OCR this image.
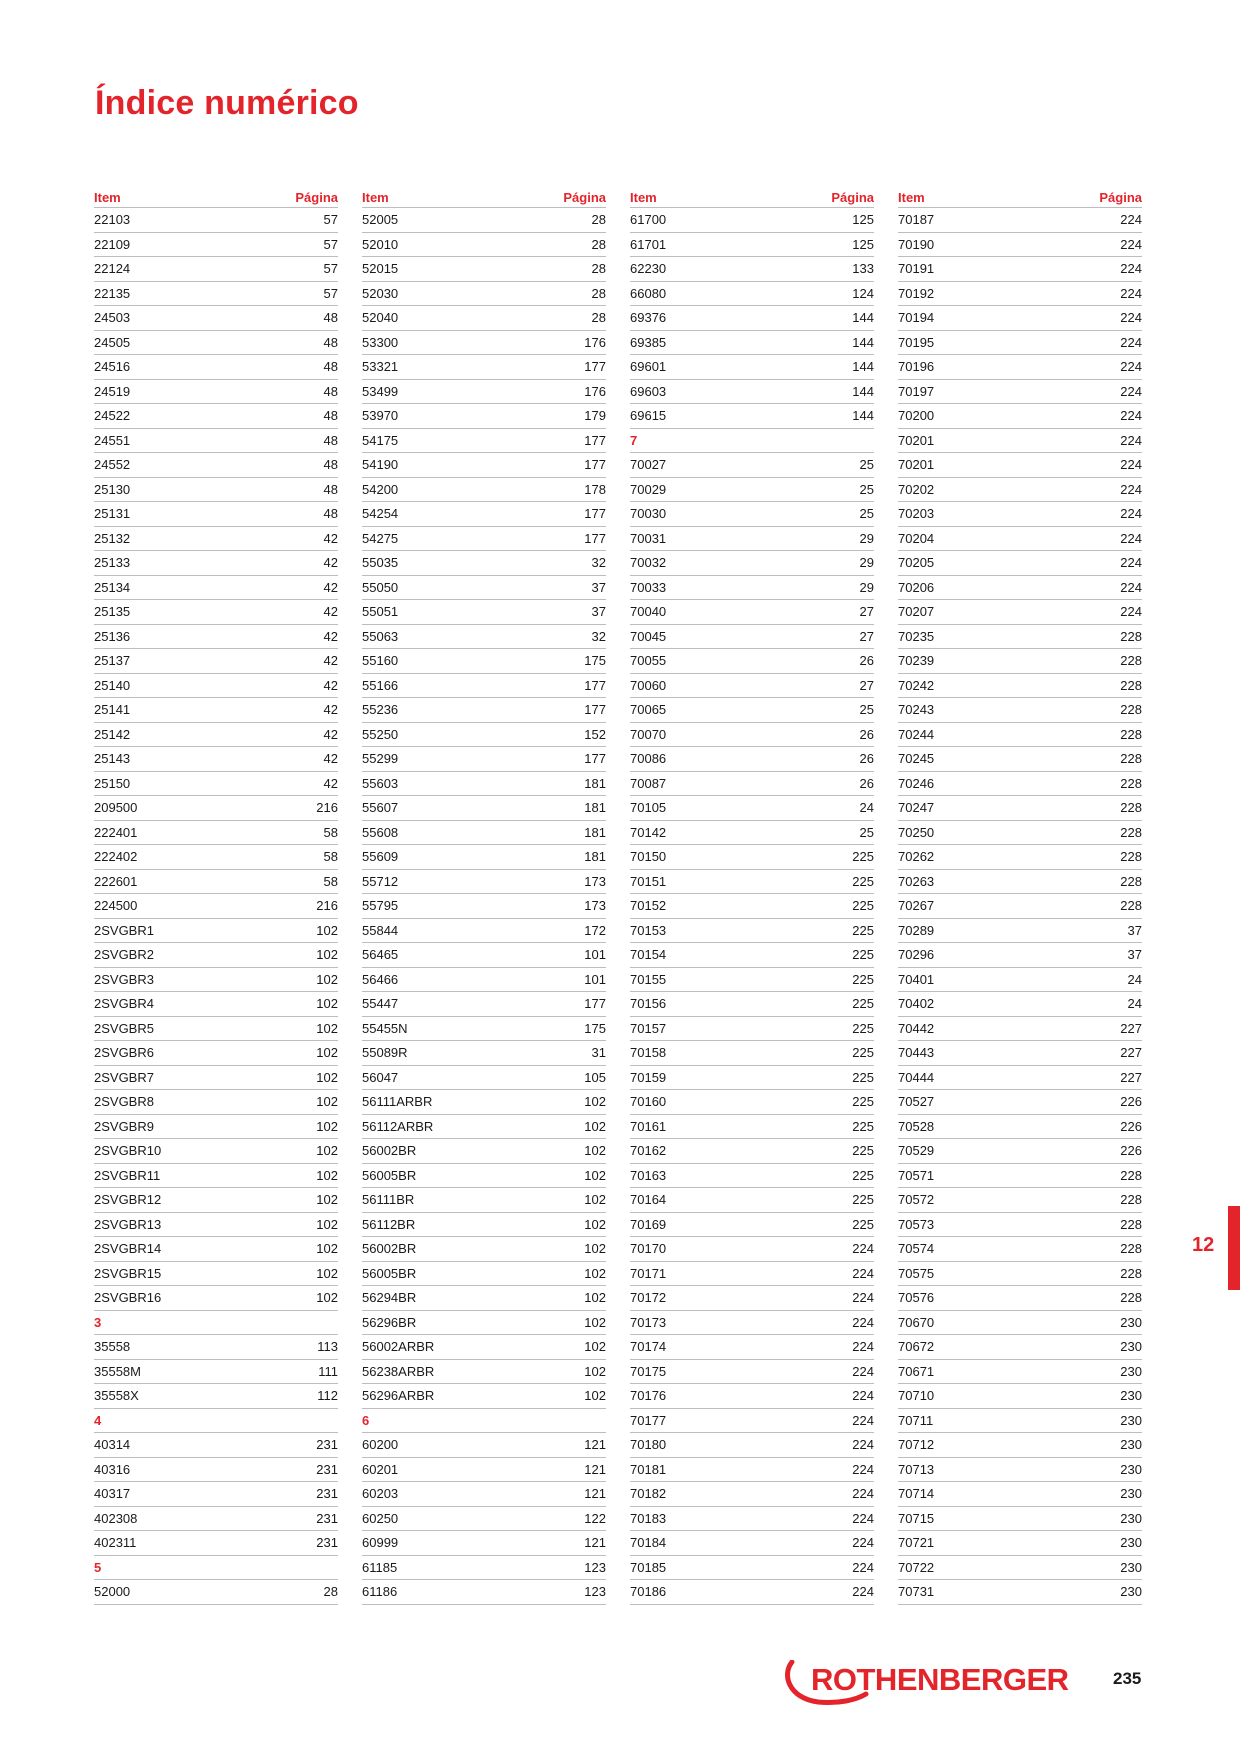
Índice numérico
Item	Página
22103	57
22109	57
22124	57
22135	57
24503	48
24505	48
24516	48
24519	48
24522	48
24551	48
24552	48
25130	48
25131	48
25132	42
25133	42
25134	42
25135	42
25136	42
25137	42
25140	42
25141	42
25142	42
25143	42
25150	42
209500	216
222401	58
222402	58
222601	58
224500	216
2SVGBR1	102
2SVGBR2	102
2SVGBR3	102
2SVGBR4	102
2SVGBR5	102
2SVGBR6	102
2SVGBR7	102
2SVGBR8	102
2SVGBR9	102
2SVGBR10	102
2SVGBR11	102
2SVGBR12	102
2SVGBR13	102
2SVGBR14	102
2SVGBR15	102
2SVGBR16	102
3
35558	113
35558M	111
35558X	112
4
40314	231
40316	231
40317	231
402308	231
402311	231
5
52000	28
Item	Página
52005	28
52010	28
52015	28
52030	28
52040	28
53300	176
53321	177
53499	176
53970	179
54175	177
54190	177
54200	178
54254	177
54275	177
55035	32
55050	37
55051	37
55063	32
55160	175
55166	177
55236	177
55250	152
55299	177
55603	181
55607	181
55608	181
55609	181
55712	173
55795	173
55844	172
56465	101
56466	101
55447	177
55455N	175
55089R	31
56047	105
56111ARBR	102
56112ARBR	102
56002BR	102
56005BR	102
56111BR	102
56112BR	102
56002BR	102
56005BR	102
56294BR	102
56296BR	102
56002ARBR	102
56238ARBR	102
56296ARBR	102
6
60200	121
60201	121
60203	121
60250	122
60999	121
61185	123
61186	123
Item	Página
61700	125
61701	125
62230	133
66080	124
69376	144
69385	144
69601	144
69603	144
69615	144
7
70027	25
70029	25
70030	25
70031	29
70032	29
70033	29
70040	27
70045	27
70055	26
70060	27
70065	25
70070	26
70086	26
70087	26
70105	24
70142	25
70150	225
70151	225
70152	225
70153	225
70154	225
70155	225
70156	225
70157	225
70158	225
70159	225
70160	225
70161	225
70162	225
70163	225
70164	225
70169	225
70170	224
70171	224
70172	224
70173	224
70174	224
70175	224
70176	224
70177	224
70180	224
70181	224
70182	224
70183	224
70184	224
70185	224
70186	224
Item	Página
70187	224
70190	224
70191	224
70192	224
70194	224
70195	224
70196	224
70197	224
70200	224
70201	224
70201	224
70202	224
70203	224
70204	224
70205	224
70206	224
70207	224
70235	228
70239	228
70242	228
70243	228
70244	228
70245	228
70246	228
70247	228
70250	228
70262	228
70263	228
70267	228
70289	37
70296	37
70401	24
70402	24
70442	227
70443	227
70444	227
70527	226
70528	226
70529	226
70571	228
70572	228
70573	228
70574	228
70575	228
70576	228
70670	230
70672	230
70671	230
70710	230
70711	230
70712	230
70713	230
70714	230
70715	230
70721	230
70722	230
70731	230
12
ROTHENBERGER	235
